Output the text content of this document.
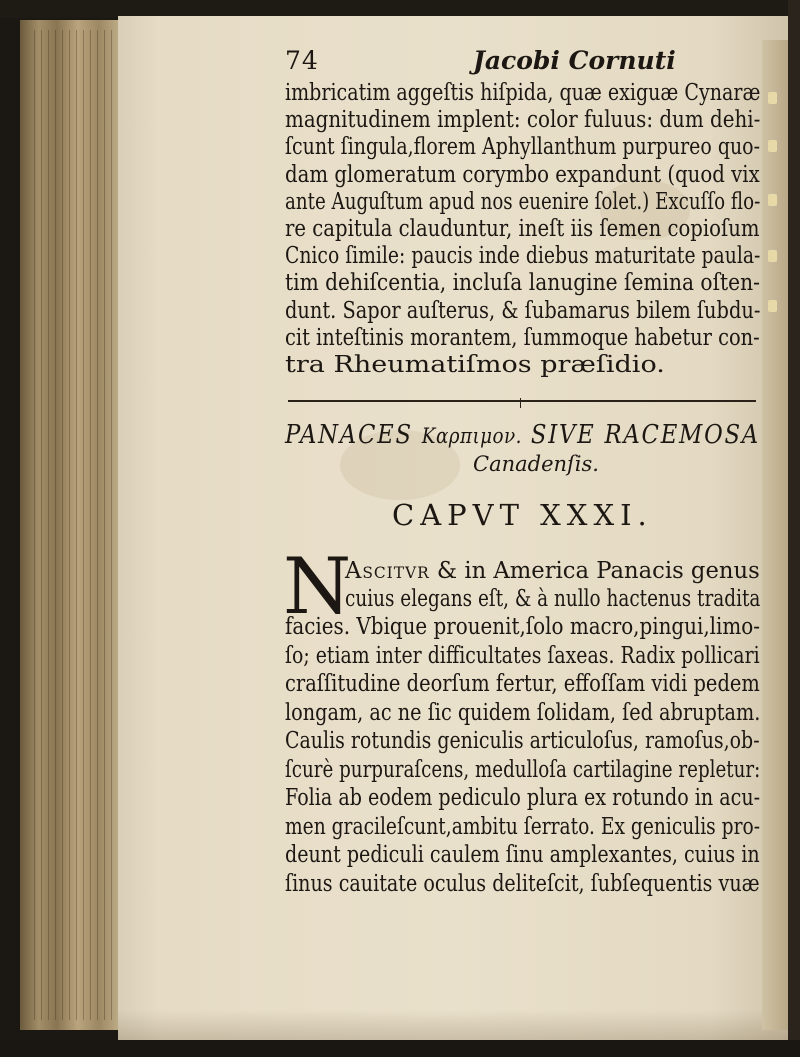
74	Jacobi Cornuti
imbricatim aggeſtis hiſpida, quæ exiguæ Cynaræ
magnitudinem implent: color fuluus: dum dehi-
ſcunt ſingula,florem Aphyllanthum purpureo quo-
dam glomeratum corymbo expandunt (quod vix
ante Auguſtum apud nos euenire ſolet.) Excuſſo flo-
re capitula clauduntur, ineſt iis ſemen copioſum
Cnico ſimile: paucis inde diebus maturitate paula-
tim dehiſcentia, incluſa lanugine ſemina oſten-
dunt. Sapor auſterus, & ſubamarus bilem ſubdu-
cit inteſtinis morantem, ſummoque habetur con-
tra Rheumatiſmos præſidio.
PANACES Καρπιμον. SIVE RACEMOSA
Canadenſis.
CAPVT XXXI.
N
Ascitvr & in America Panacis genus
cuius elegans eſt, & à nullo hactenus tradita
facies. Vbique prouenit,ſolo macro,pingui,limo-
ſo; etiam inter difficultates ſaxeas. Radix pollicari
craſſitudine deorſum fertur, effoſſam vidi pedem
longam, ac ne ſic quidem ſolidam, ſed abruptam.
Caulis rotundis geniculis articuloſus, ramoſus,ob-
ſcurè purpuraſcens, medulloſa cartilagine repletur:
Folia ab eodem pediculo plura ex rotundo in acu-
men gracileſcunt,ambitu ſerrato. Ex geniculis pro-
deunt pediculi caulem ſinu amplexantes, cuius in
ſinus cauitate oculus deliteſcit, ſubſequentis vuæ
